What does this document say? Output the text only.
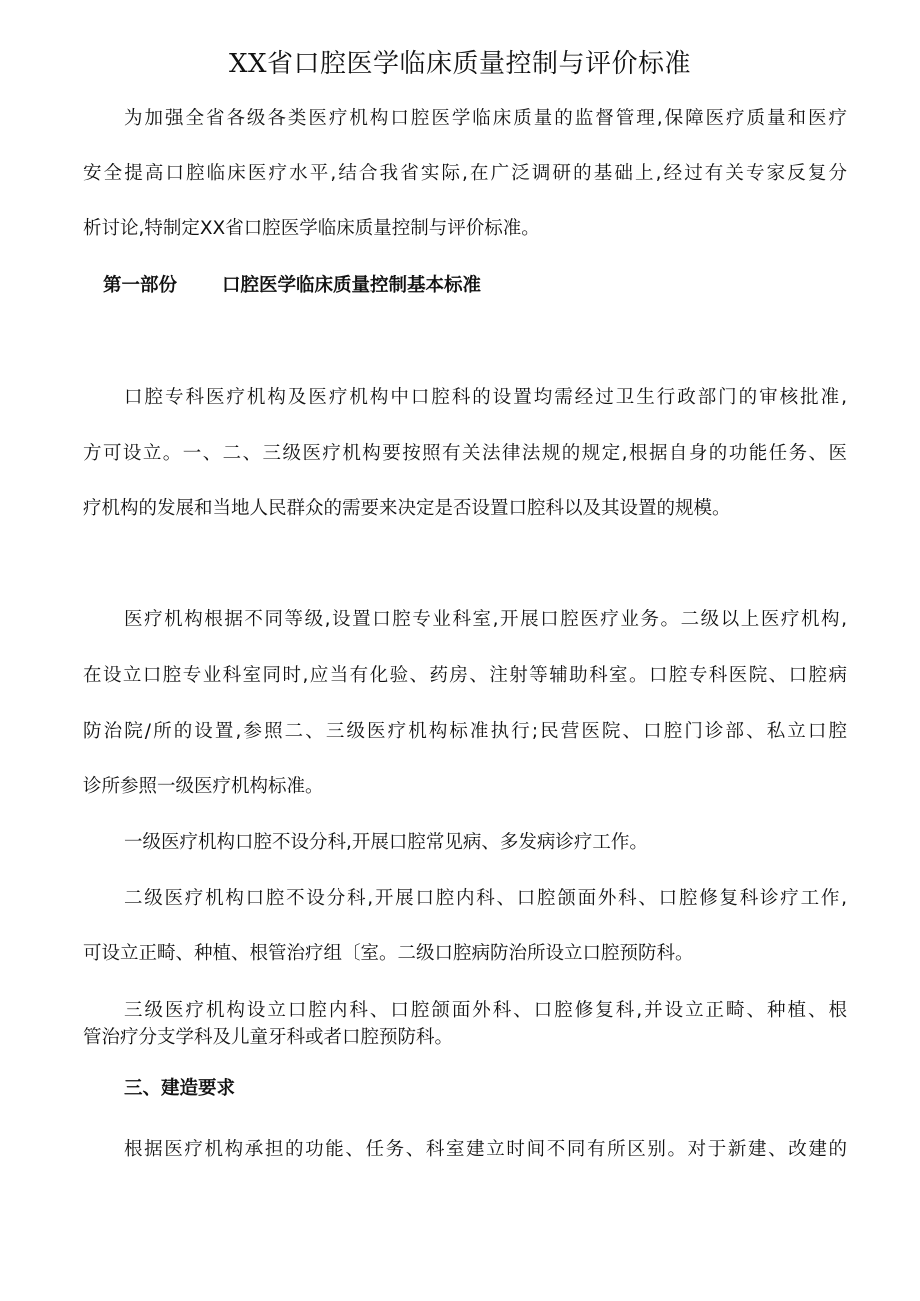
XX省口腔医学临床质量控制与评价标准
为加强全省各级各类医疗机构口腔医学临床质量的监督管理,保障医疗质量和医疗
安全提高口腔临床医疗水平,结合我省实际,在广泛调研的基础上,经过有关专家反复分
析讨论,特制定XX省口腔医学临床质量控制与评价标准。
第一部份 口腔医学临床质量控制基本标准
口腔专科医疗机构及医疗机构中口腔科的设置均需经过卫生行政部门的审核批准,
方可设立。一、二、三级医疗机构要按照有关法律法规的规定,根据自身的功能任务、医
疗机构的发展和当地人民群众的需要来决定是否设置口腔科以及其设置的规模。
医疗机构根据不同等级,设置口腔专业科室,开展口腔医疗业务。二级以上医疗机构,
在设立口腔专业科室同时,应当有化验、药房、注射等辅助科室。口腔专科医院、口腔病
防治院/所的设置,参照二、三级医疗机构标准执行;民营医院、口腔门诊部、私立口腔
诊所参照一级医疗机构标准。
一级医疗机构口腔不设分科,开展口腔常见病、多发病诊疗工作。
二级医疗机构口腔不设分科,开展口腔内科、口腔颌面外科、口腔修复科诊疗工作,
可设立正畸、种植、根管治疗组〔室。二级口腔病防治所设立口腔预防科。
三级医疗机构设立口腔内科、口腔颌面外科、口腔修复科,并设立正畸、种植、根
管治疗分支学科及儿童牙科或者口腔预防科。
三、建造要求
根据医疗机构承担的功能、任务、科室建立时间不同有所区别。对于新建、改建的
